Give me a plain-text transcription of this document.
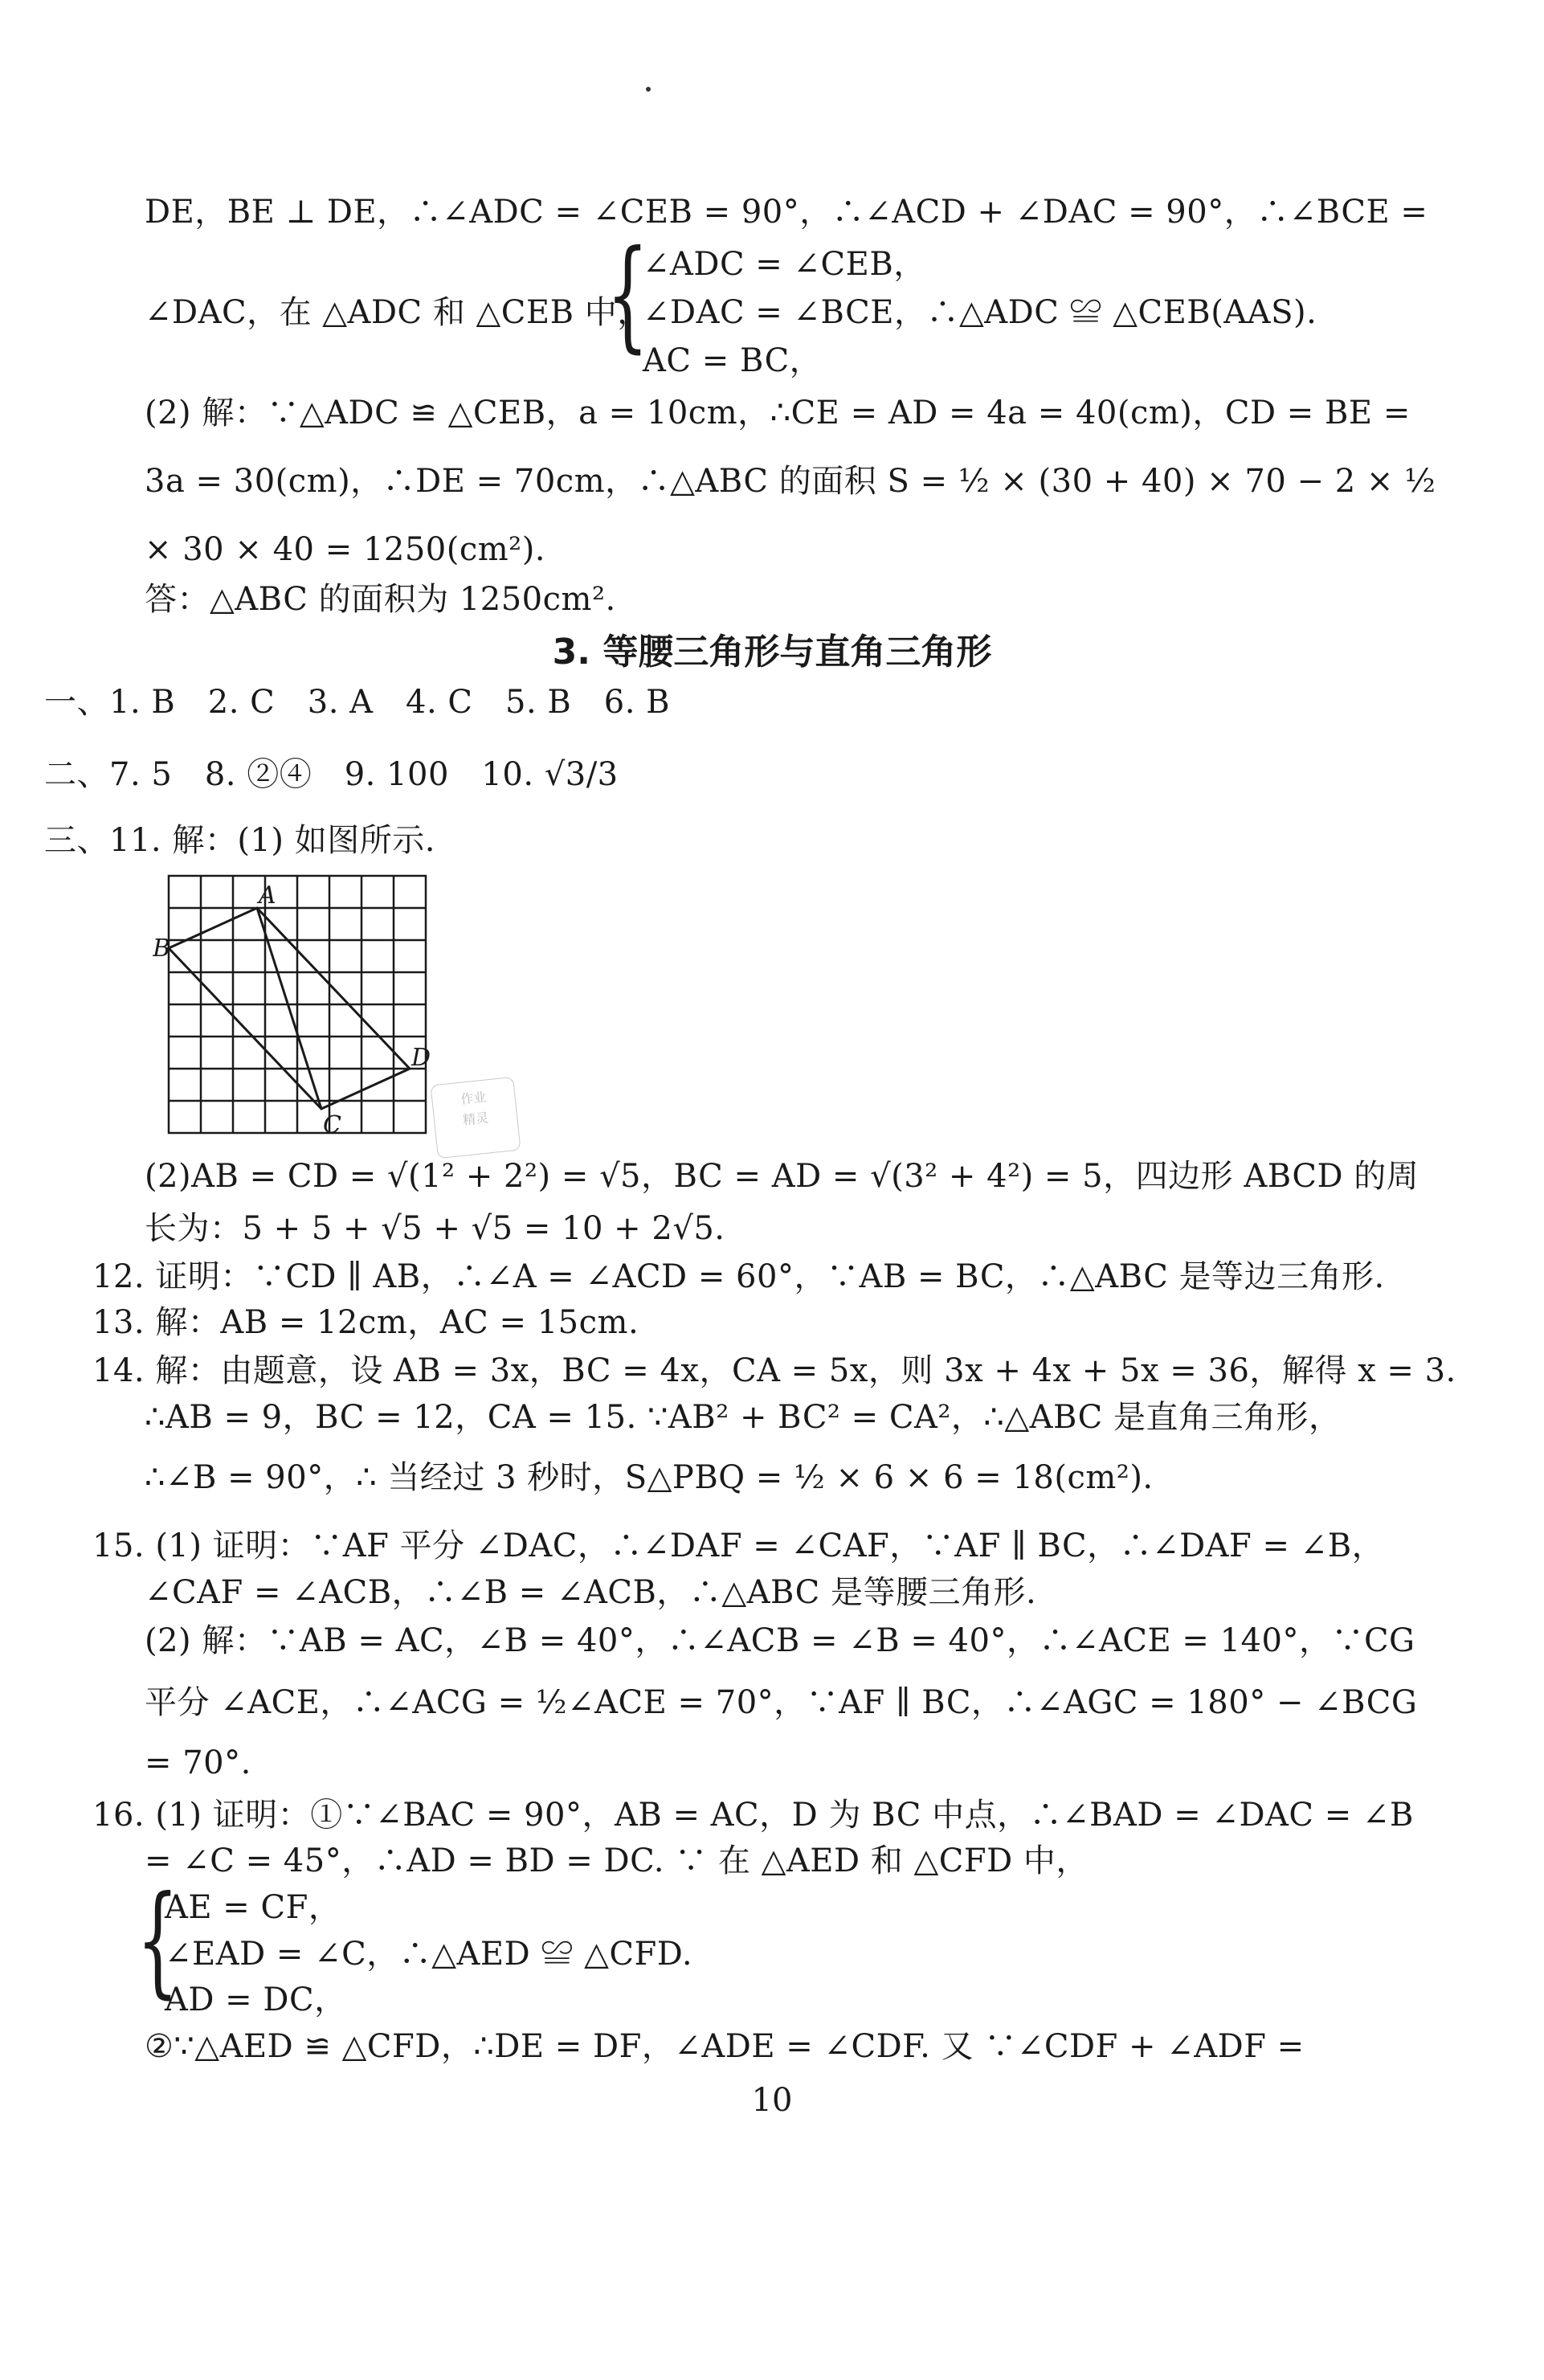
DE，BE ⊥ DE，∴∠ADC = ∠CEB = 90°，∴∠ACD + ∠DAC = 90°，∴∠BCE =
{
∠ADC = ∠CEB，
∠DAC，在 △ADC 和 △CEB 中，
∠DAC = ∠BCE，∴△ADC ≌ △CEB(AAS).
AC = BC，
(2) 解：∵△ADC ≌ △CEB，a = 10cm，∴CE = AD = 4a = 40(cm)，CD = BE =
3a = 30(cm)，∴DE = 70cm，∴△ABC 的面积 S = ½ × (30 + 40) × 70 − 2 × ½
× 30 × 40 = 1250(cm²).
答：△ABC 的面积为 1250cm².
3. 等腰三角形与直角三角形
一、1. B　2. C　3. A　4. C　5. B　6. B
二、7. 5　8. ②④　9. 100　10. √3/3
三、11. 解：(1) 如图所示.
A
B
C
D
作业
精灵
(2)AB = CD = √(1² + 2²) = √5，BC = AD = √(3² + 4²) = 5，四边形 ABCD 的周
长为：5 + 5 + √5 + √5 = 10 + 2√5.
12. 证明：∵CD ∥ AB，∴∠A = ∠ACD = 60°，∵AB = BC，∴△ABC 是等边三角形.
13. 解：AB = 12cm，AC = 15cm.
14. 解：由题意，设 AB = 3x，BC = 4x，CA = 5x，则 3x + 4x + 5x = 36，解得 x = 3.
∴AB = 9，BC = 12，CA = 15. ∵AB² + BC² = CA²，∴△ABC 是直角三角形，
∴∠B = 90°，∴ 当经过 3 秒时，S△PBQ = ½ × 6 × 6 = 18(cm²).
15. (1) 证明：∵AF 平分 ∠DAC，∴∠DAF = ∠CAF，∵AF ∥ BC，∴∠DAF = ∠B，
∠CAF = ∠ACB，∴∠B = ∠ACB，∴△ABC 是等腰三角形.
(2) 解：∵AB = AC，∠B = 40°，∴∠ACB = ∠B = 40°，∴∠ACE = 140°，∵CG
平分 ∠ACE，∴∠ACG = ½∠ACE = 70°，∵AF ∥ BC，∴∠AGC = 180° − ∠BCG
= 70°.
16. (1) 证明：①∵∠BAC = 90°，AB = AC，D 为 BC 中点，∴∠BAD = ∠DAC = ∠B
= ∠C = 45°，∴AD = BD = DC. ∵ 在 △AED 和 △CFD 中，
{
AE = CF，
∠EAD = ∠C，∴△AED ≌ △CFD.
AD = DC，
②∵△AED ≌ △CFD，∴DE = DF，∠ADE = ∠CDF. 又 ∵∠CDF + ∠ADF =
10
